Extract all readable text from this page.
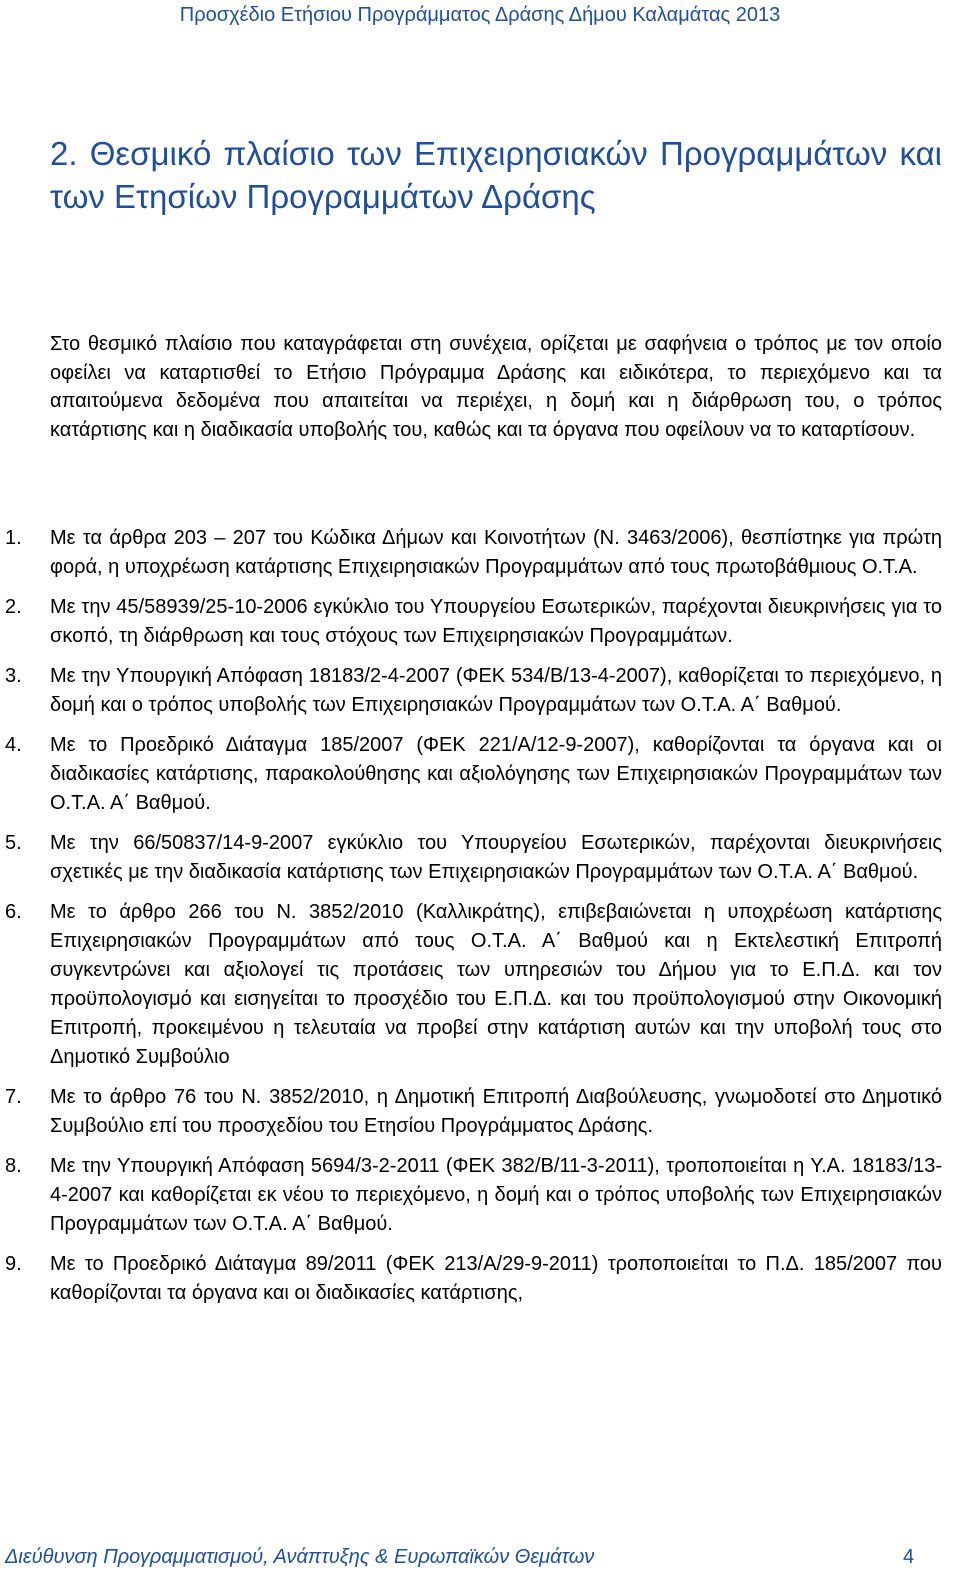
Προσχέδιο Ετήσιου Προγράμματος Δράσης Δήμου Καλαμάτας 2013
2. Θεσμικό πλαίσιο των Επιχειρησιακών Προγραμμάτων και των Ετησίων Προγραμμάτων Δράσης

Στο θεσμικό πλαίσιο που καταγράφεται στη συνέχεια, ορίζεται με σαφήνεια ο τρόπος με τον οποίο οφείλει να καταρτισθεί το Ετήσιο Πρόγραμμα Δράσης και ειδικότερα, το περιεχόμενο και τα απαιτούμενα δεδομένα που απαιτείται να περιέχει, η δομή και η διάρθρωση του, ο τρόπος κατάρτισης και η διαδικασία υποβολής του, καθώς και τα όργανα που οφείλουν να το καταρτίσουν.

1.	Με τα άρθρα 203 – 207 του Κώδικα Δήμων και Κοινοτήτων (Ν. 3463/2006), θεσπίστηκε για πρώτη φορά, η υποχρέωση κατάρτισης Επιχειρησιακών Προγραμμάτων από τους πρωτοβάθμιους Ο.Τ.Α.
2.	Με την 45/58939/25-10-2006 εγκύκλιο του Υπουργείου Εσωτερικών, παρέχονται διευκρινήσεις για το σκοπό, τη διάρθρωση και τους στόχους των Επιχειρησιακών Προγραμμάτων.
3.	Με την Υπουργική Απόφαση 18183/2-4-2007 (ΦΕΚ 534/Β/13-4-2007), καθορίζεται το περιεχόμενο, η δομή και ο τρόπος υποβολής των Επιχειρησιακών Προγραμμάτων των Ο.Τ.Α. Α΄ Βαθμού.
4.	Με το Προεδρικό Διάταγμα 185/2007 (ΦΕΚ 221/Α/12-9-2007), καθορίζονται τα όργανα και οι διαδικασίες κατάρτισης, παρακολούθησης και αξιολόγησης των Επιχειρησιακών Προγραμμάτων των Ο.Τ.Α. Α΄ Βαθμού.
5.	Με την 66/50837/14-9-2007 εγκύκλιο του Υπουργείου Εσωτερικών, παρέχονται διευκρινήσεις σχετικές με την διαδικασία κατάρτισης των Επιχειρησιακών Προγραμμάτων των Ο.Τ.Α. Α΄ Βαθμού.
6.	Με το άρθρο 266 του Ν. 3852/2010 (Καλλικράτης), επιβεβαιώνεται η υποχρέωση κατάρτισης Επιχειρησιακών Προγραμμάτων από τους Ο.Τ.Α. Α΄ Βαθμού και η Εκτελεστική Επιτροπή συγκεντρώνει και αξιολογεί τις προτάσεις των υπηρεσιών του Δήμου για το Ε.Π.Δ. και τον προϋπολογισμό και εισηγείται το προσχέδιο του Ε.Π.Δ. και του προϋπολογισμού στην Οικονομική Επιτροπή, προκειμένου η τελευταία να προβεί στην κατάρτιση αυτών και την υποβολή τους στο Δημοτικό Συμβούλιο
7.	Με το άρθρο 76 του Ν. 3852/2010, η Δημοτική Επιτροπή Διαβούλευσης, γνωμοδοτεί στο Δημοτικό Συμβούλιο επί του προσχεδίου του Ετησίου Προγράμματος Δράσης.
8.	Με την Υπουργική Απόφαση 5694/3-2-2011 (ΦΕΚ 382/Β/11-3-2011), τροποποιείται η Υ.Α. 18183/13-4-2007 και καθορίζεται εκ νέου το περιεχόμενο, η δομή και ο τρόπος υποβολής των Επιχειρησιακών Προγραμμάτων των Ο.Τ.Α. Α΄ Βαθμού.
9.	Με το Προεδρικό Διάταγμα 89/2011 (ΦΕΚ 213/Α/29-9-2011) τροποποιείται το Π.Δ. 185/2007 που καθορίζονται τα όργανα και οι διαδικασίες κατάρτισης,
Διεύθυνση Προγραμματισμού, Ανάπτυξης & Ευρωπαϊκών Θεμάτων	4
